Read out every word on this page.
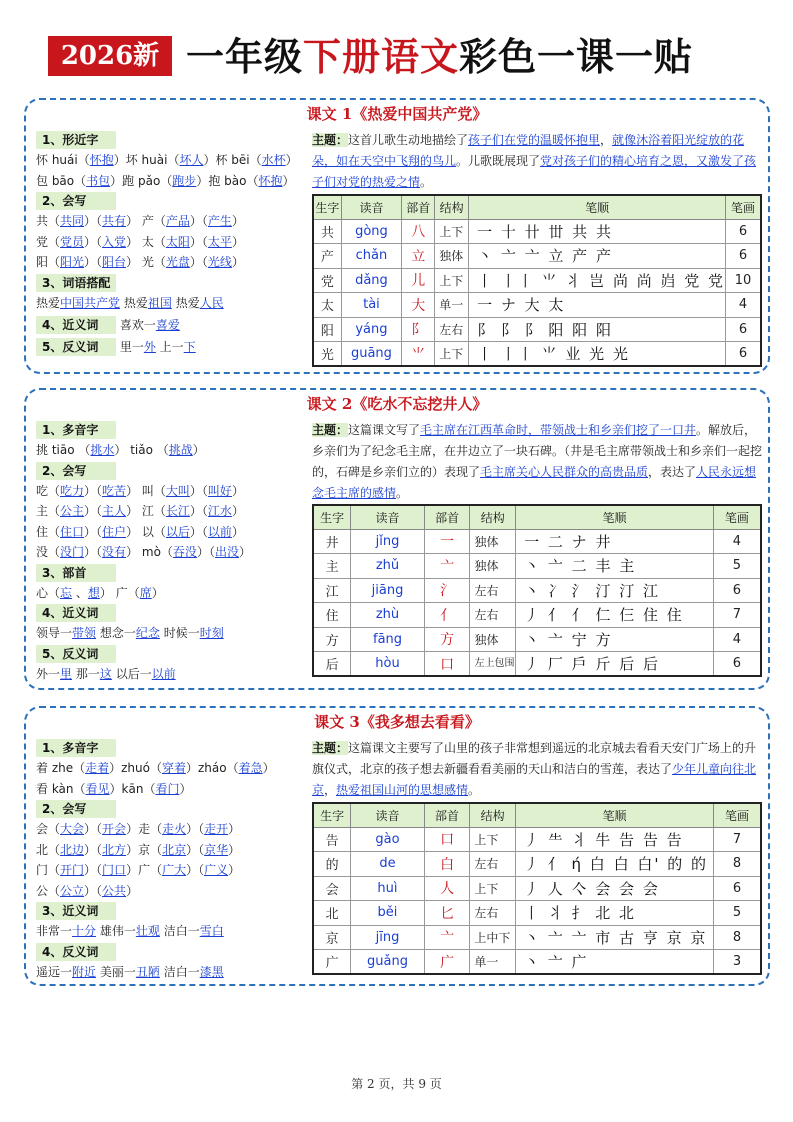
2026新 一年级下册语文彩色一课一贴
课文 1《热爱中国共产党》
1、形近字
怀 huái（怀抱）坏 huài（坏人）杯 bēi（水杯）
包 bāo（书包）跑 pǎo（跑步）抱 bào（怀抱）
2、会写
共（共同）（共有） 产（产品）（产生）
党（党员）（入党） 太（太阳）（太平）
阳（阳光）（阳台） 光（光盘）（光线）
3、词语搭配
热爱中国共产党 热爱祖国 热爱人民
4、近义词 喜欢一喜爱
5、反义词 里一外 上一下
主题：这首儿歌生动地描绘了孩子们在党的温暖怀抱里，就像沐浴着阳光绽放的花朵，如在天空中飞翔的鸟儿。儿歌既展现了党对孩子们的精心培育之恩，又激发了孩子们对党的热爱之情。
生字	读音	部首	结构	笔顺	笔画
共	gòng	八	上下	一 十 卄 丗 共 共	6
产	chǎn	立	独体	丶 亠 亠 立 产 产	6
党	dǎng	儿	上下	丨 丨丨 ⺌ 丬 岂 尚 尚 岿 党 党	10
太	tài	大	单一	一 ナ 大 太	4
阳	yáng	阝	左右	阝 阝 阝 阳 阳 阳	6
光	guāng	⺌	上下	丨 丨丨 ⺌ 业 光 光	6
课文 2《吃水不忘挖井人》
1、多音字
挑 tiāo （挑水） tiǎo （挑战）
2、会写
吃（吃力）（吃苦） 叫（大叫）（叫好）
主（公主）（主人） 江（长江）（江水）
住（住口）（住户） 以（以后）（以前）
没（没门）（没有） mò（吞没）（出没）
3、部首
心（忘 、想） 广（席）
4、近义词
领导一带领 想念一纪念 时候一时刻
5、反义词
外一里 那一这 以后一以前
主题：这篇课文写了毛主席在江西革命时，带领战士和乡亲们挖了一口井。解放后，乡亲们为了纪念毛主席，在井边立了一块石碑。（井是毛主席带领战士和乡亲们一起挖的，石碑是乡亲们立的）表现了毛主席关心人民群众的高贵品质，表达了人民永远想念毛主席的感情。
生字	读音	部首	结构	笔顺	笔画
井	jǐng	一	独体	一 二 ナ 井	4
主	zhǔ	亠	独体	丶 亠 二 丰 主	5
江	jiāng	氵	左右	丶 冫 氵 汀 汀 江	6
住	zhù	亻	左右	丿 亻 亻 仁 仨 住 住	7
方	fāng	方	独体	丶 亠 宁 方	4
后	hòu	口	左上包围	丿 厂 戶 斤 后 后	6
课文 3《我多想去看看》
1、多音字
着 zhe（走着）zhuó（穿着）zháo（着急）
看 kàn（看见）kān（看门）
2、会写
会（大会）（开会）走（走火）（走开）
北（北边）（北方）京（北京）（京华）
门（开门）（门口）广（广大）（广义）
公（公立）（公共）
3、近义词
非常一十分 雄伟一壮观 洁白一雪白
4、反义词
遥远一附近 美丽一丑陋 洁白一漆黑
主题：这篇课文主要写了山里的孩子非常想到遥远的北京城去看看天安门广场上的升旗仪式，北京的孩子想去新疆看看美丽的天山和洁白的雪莲，表达了少年儿童向往北京，热爱祖国山河的思想感情。
生字	读音	部首	结构	笔顺	笔画
告	gào	口	上下	丿 ⺧ 丬 牛 告 告 告	7
的	de	白	左右	丿 亻 ή 白 白 白' 的 的	8
会	huì	人	上下	丿 人 亽 会 会 会	6
北	běi	匕	左右	丨 丬 扌 北 北	5
京	jīng	亠	上中下	丶 亠 亠 市 古 亨 京 京	8
广	guǎng	广	单一	丶 亠 广	3
第 2 页，共 9 页
